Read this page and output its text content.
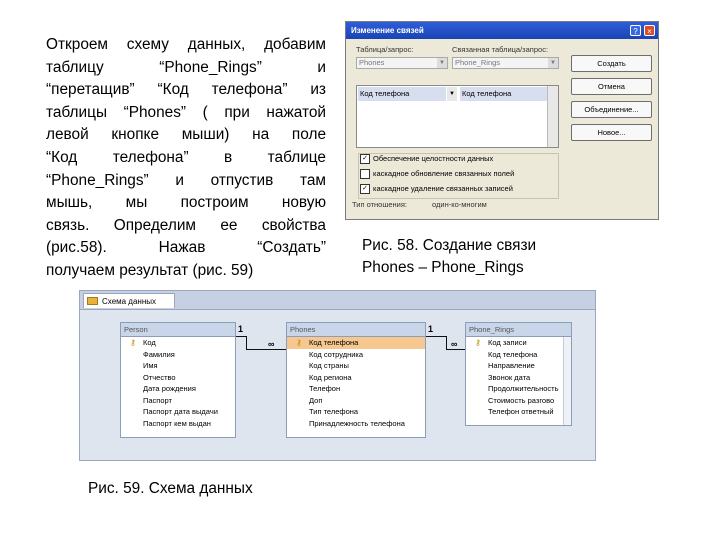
Откроем схему данных, добавим

таблицу “Phone_Rings” и

“перетащив” “Код телефона” из

таблицы “Phones” ( при нажатой

левой кнопке мыши) на поле

“Код телефона” в таблице

“Phone_Rings” и отпустив там

мышь, мы построим новую

связь. Определим ее свойства

(рис.58). Нажав “Создать”

получаем результат (рис. 59)

Изменение связей	?	×
Таблица/запрос:	Связанная таблица/запрос:
Phones	▼	Phone_Rings	▼
Код телефона	▼ Код телефона
✓ Обеспечение целостности данных
каскадное обновление связанных полей
✓ каскадное удаление связанных записей
Тип отношения:	один-ко-многим
Создать
Отмена
Объединение...
Новое...
Рис. 58. Создание связи
Phones – Phone_Rings
Схема данных
Person
⚷ Код
Фамилия
Имя
Отчество
Дата рождения
Паспорт
Паспорт дата выдачи
Паспорт кем выдан
Phones
⚷ Код телефона
Код сотрудника
Код страны
Код региона
Телефон
Доп
Тип телефона
Принадлежность телефона
Phone_Rings
⚷ Код записи
Код телефона
Направление
Звонок дата
Продолжительность
Стоимость разгово
Телефон ответный
1
∞
1
∞
Рис. 59. Схема данных
